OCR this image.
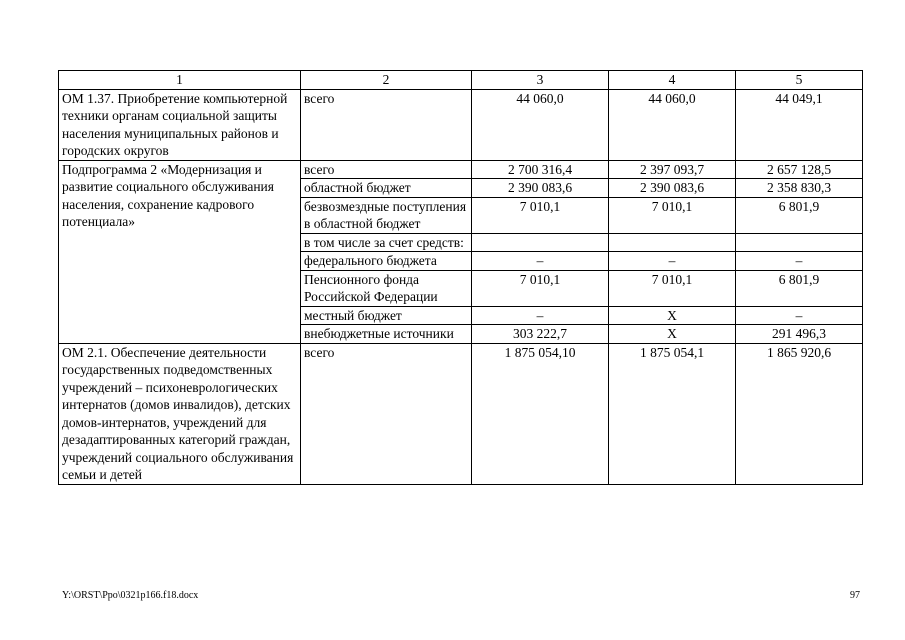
1	2	3	4	5
ОМ 1.37. Приобретение компьютерной техники органам социальной защиты населения муниципальных районов и городских округов	всего	44 060,0	44 060,0	44 049,1
Подпрограмма 2 «Модернизация и развитие социального обслуживания населения, сохранение кадрового потенциала»	всего	2 700 316,4	2 397 093,7	2 657 128,5
	областной бюджет	2 390 083,6	2 390 083,6	2 358 830,3
	безвозмездные поступления в областной бюджет	7 010,1	7 010,1	6 801,9
	в том числе за счет средств:			
	федерального бюджета	–	–	–
	Пенсионного фонда Российской Федерации	7 010,1	7 010,1	6 801,9
	местный бюджет	–	Х	–
	внебюджетные источники	303 222,7	Х	291 496,3
ОМ 2.1. Обеспечение деятельности государственных подведомственных учреждений – психоневрологических интернатов (домов инвалидов), детских домов-интернатов, учреждений для дезадаптированных категорий граждан, учреждений социального обслуживания семьи и детей	всего	1 875 054,10	1 875 054,1	1 865 920,6
Y:\ORST\Ppo\0321p166.f18.docx	97
